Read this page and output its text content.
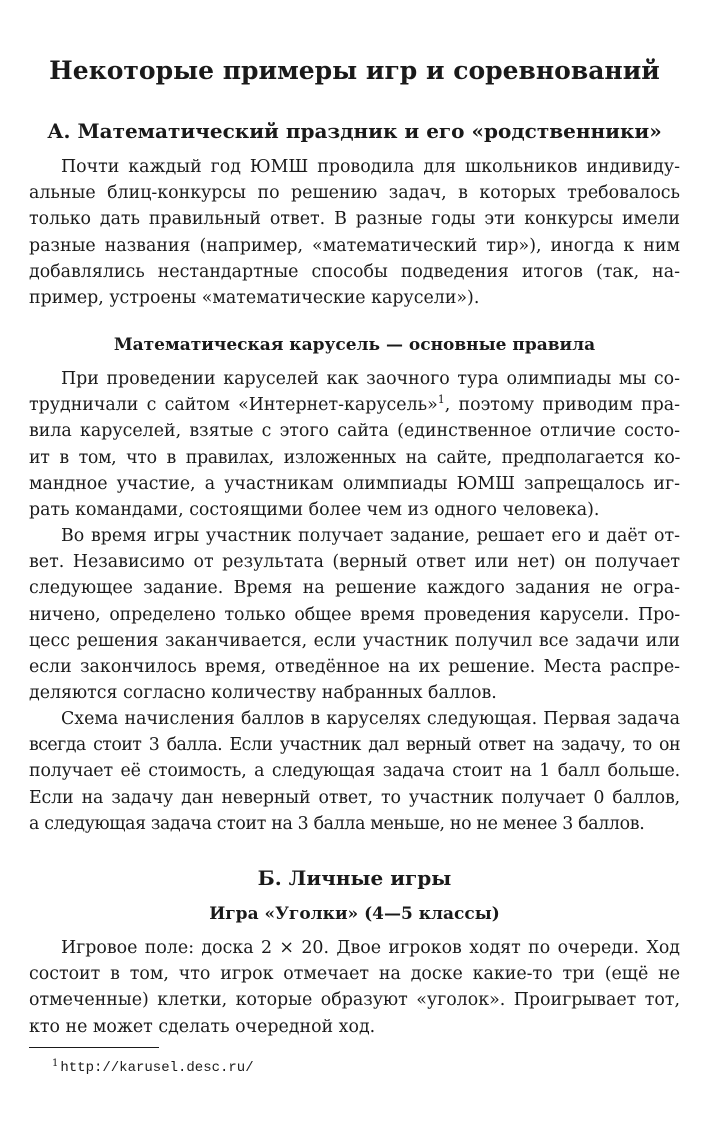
Некоторые примеры игр и соревнований
А. Математический праздник и его «родственники»
Почти каждый год ЮМШ проводила для школьников индивиду-
альные блиц-конкурсы по решению задач, в которых требовалось
только дать правильный ответ. В разные годы эти конкурсы имели
разные названия (например, «математический тир»), иногда к ним
добавлялись нестандартные способы подведения итогов (так, на-
пример, устроены «математические карусели»).
Математическая карусель — основные правила
При проведении каруселей как заочного тура олимпиады мы со-
трудничали с сайтом «Интернет-карусель»$^1$, поэтому приводим пра-
вила каруселей, взятые с этого сайта (единственное отличие состо-
ит в том, что в правилах, изложенных на сайте, предполагается ко-
мандное участие, а участникам олимпиады ЮМШ запрещалось иг-
рать командами, состоящими более чем из одного человека).
Во время игры участник получает задание, решает его и даёт от-
вет. Независимо от результата (верный ответ или нет) он получает
следующее задание. Время на решение каждого задания не огра-
ничено, определено только общее время проведения карусели. Про-
цесс решения заканчивается, если участник получил все задачи или
если закончилось время, отведённое на их решение. Места распре-
деляются согласно количеству набранных баллов.
Схема начисления баллов в каруселях следующая. Первая задача
всегда стоит 3 балла. Если участник дал верный ответ на задачу, то он
получает её стоимость, а следующая задача стоит на 1 балл больше.
Если на задачу дан неверный ответ, то участник получает 0 баллов,
а следующая задача стоит на 3 балла меньше, но не менее 3 баллов.
Б. Личные игры
Игра «Уголки» (4—5 классы)
Игровое поле: доска 2 × 20. Двое игроков ходят по очереди. Ход
состоит в том, что игрок отмечает на доске какие-то три (ещё не
отмеченные) клетки, которые образуют «уголок». Проигрывает тот,
кто не может сделать очередной ход.
$^1$ http://karusel.desc.ru/
